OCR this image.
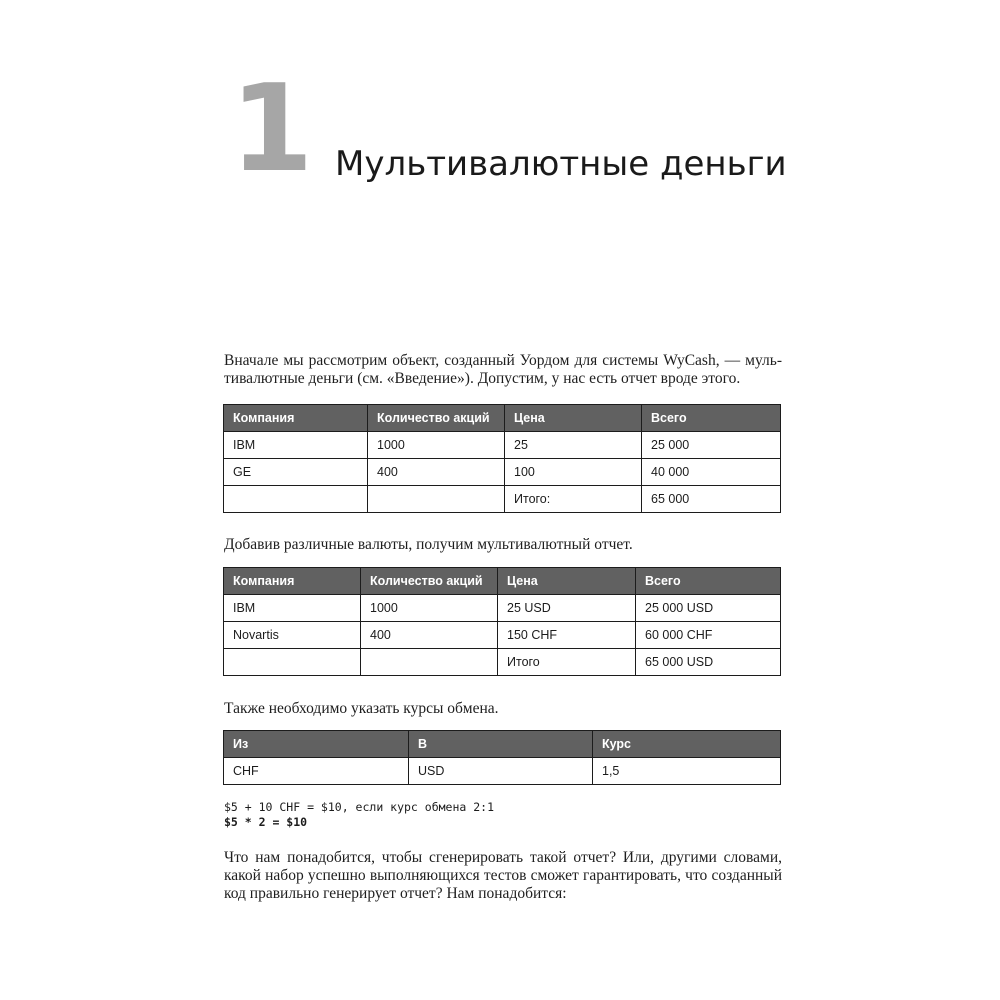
1 Мультивалютные деньги
Вначале мы рассмотрим объект, созданный Уордом для системы WyCash, — муль-
тивалютные деньги (см. «Введение»). Допустим, у нас есть отчет вроде этого.
Компания	Количество акций	Цена	Всего
IBM	1000	25	25 000
GE	400	100	40 000
		Итого:	65 000
Добавив различные валюты, получим мультивалютный отчет.
Компания	Количество акций	Цена	Всего
IBM	1000	25 USD	25 000 USD
Novartis	400	150 CHF	60 000 CHF
		Итого	65 000 USD
Также необходимо указать курсы обмена.
Из	В	Курс
CHF	USD	1,5
$5 + 10 CHF = $10, если курс обмена 2:1
$5 * 2 = $10
Что нам понадобится, чтобы сгенерировать такой отчет? Или, другими словами,
какой набор успешно выполняющихся тестов сможет гарантировать, что созданный
код правильно генерирует отчет? Нам понадобится:
